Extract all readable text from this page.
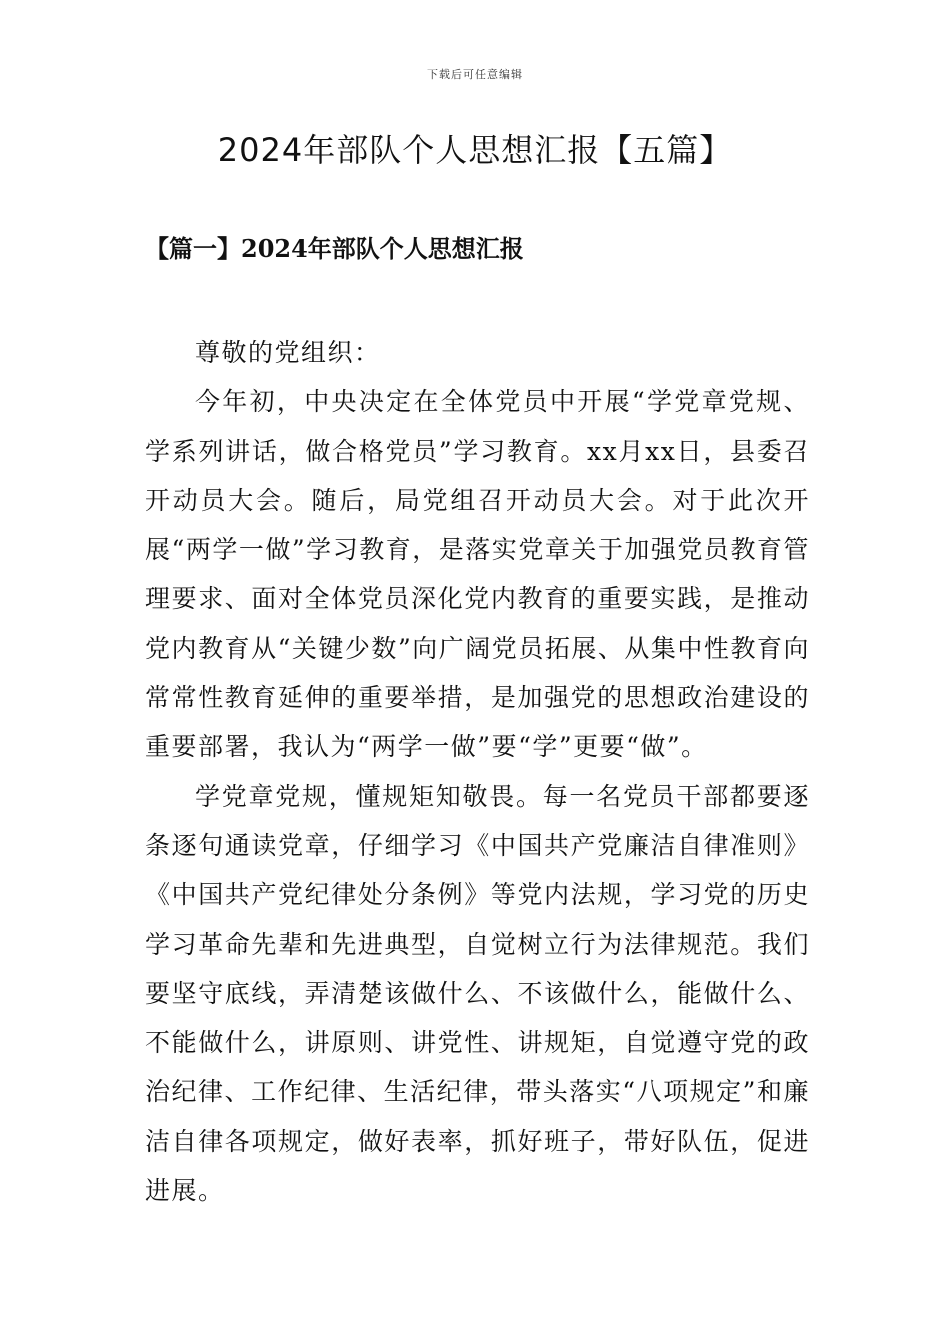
下载后可任意编辑
2024年部队个人思想汇报【五篇】
【篇一】2024年部队个人思想汇报

尊敬的党组织：

今年初，中央决定在全体党员中开展“学党章党规、学系列讲话，做合格党员”学习教育。xx月xx日，县委召开动员大会。随后，局党组召开动员大会。对于此次开展“两学一做”学习教育，是落实党章关于加强党员教育管理要求、面对全体党员深化党内教育的重要实践，是推动党内教育从“关键少数”向广阔党员拓展、从集中性教育向常常性教育延伸的重要举措，是加强党的思想政治建设的重要部署，我认为“两学一做”要“学”更要“做”。

学党章党规，懂规矩知敬畏。每一名党员干部都要逐条逐句通读党章，仔细学习《中国共产党廉洁自律准则》《中国共产党纪律处分条例》等党内法规，学习党的历史学习革命先辈和先进典型，自觉树立行为法律规范。我们要坚守底线，弄清楚该做什么、不该做什么，能做什么、不能做什么，讲原则、讲党性、讲规矩，自觉遵守党的政治纪律、工作纪律、生活纪律，带头落实“八项规定”和廉洁自律各项规定，做好表率，抓好班子，带好队伍，促进进展。
